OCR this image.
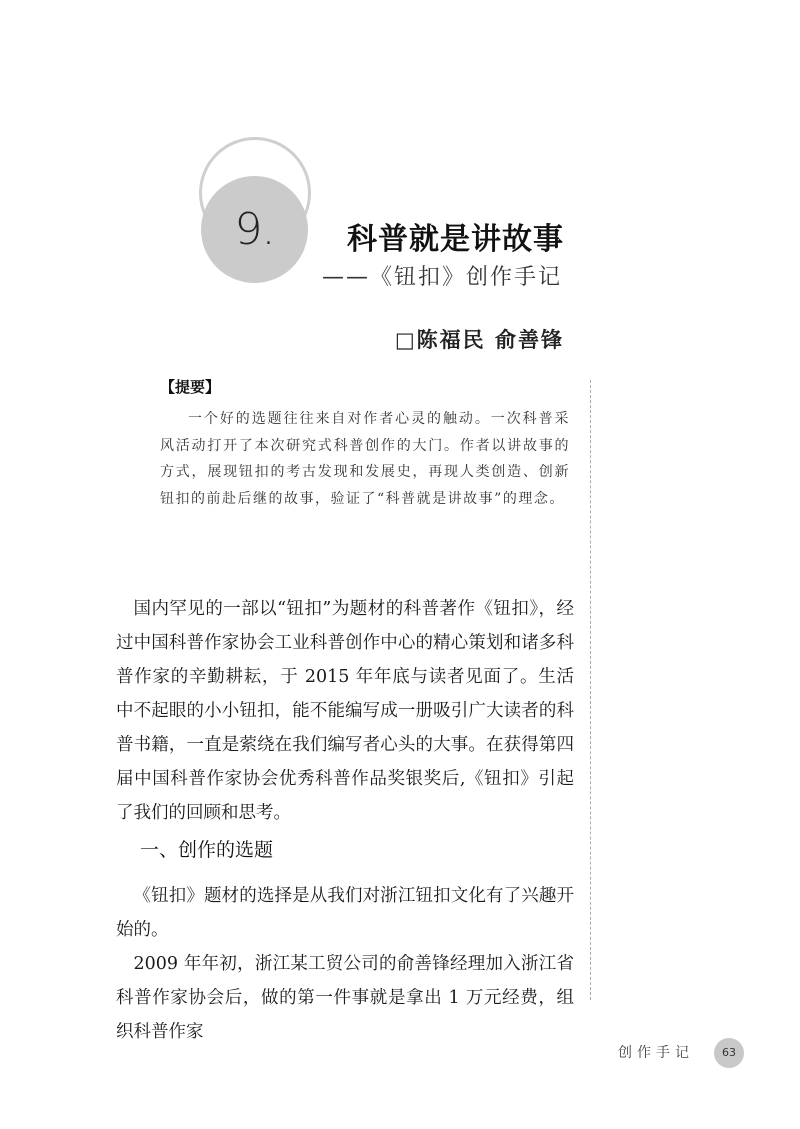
9.	科普就是讲故事
——《钮扣》创作手记
□陈福民 俞善锋
【提要】
一个好的选题往往来自对作者心灵的触动。一次科普采风活动打开了本次研究式科普创作的大门。作者以讲故事的方式，展现钮扣的考古发现和发展史，再现人类创造、创新钮扣的前赴后继的故事，验证了“科普就是讲故事”的理念。
国内罕见的一部以“钮扣”为题材的科普著作《钮扣》，经过中国科普作家协会工业科普创作中心的精心策划和诸多科普作家的辛勤耕耘，于 2015 年年底与读者见面了。生活中不起眼的小小钮扣，能不能编写成一册吸引广大读者的科普书籍，一直是萦绕在我们编写者心头的大事。在获得第四届中国科普作家协会优秀科普作品奖银奖后,《钮扣》引起了我们的回顾和思考。
一、创作的选题
《钮扣》题材的选择是从我们对浙江钮扣文化有了兴趣开始的。
2009 年年初，浙江某工贸公司的俞善锋经理加入浙江省科普作家协会后，做的第一件事就是拿出 1 万元经费，组织科普作家
创作手记	63
